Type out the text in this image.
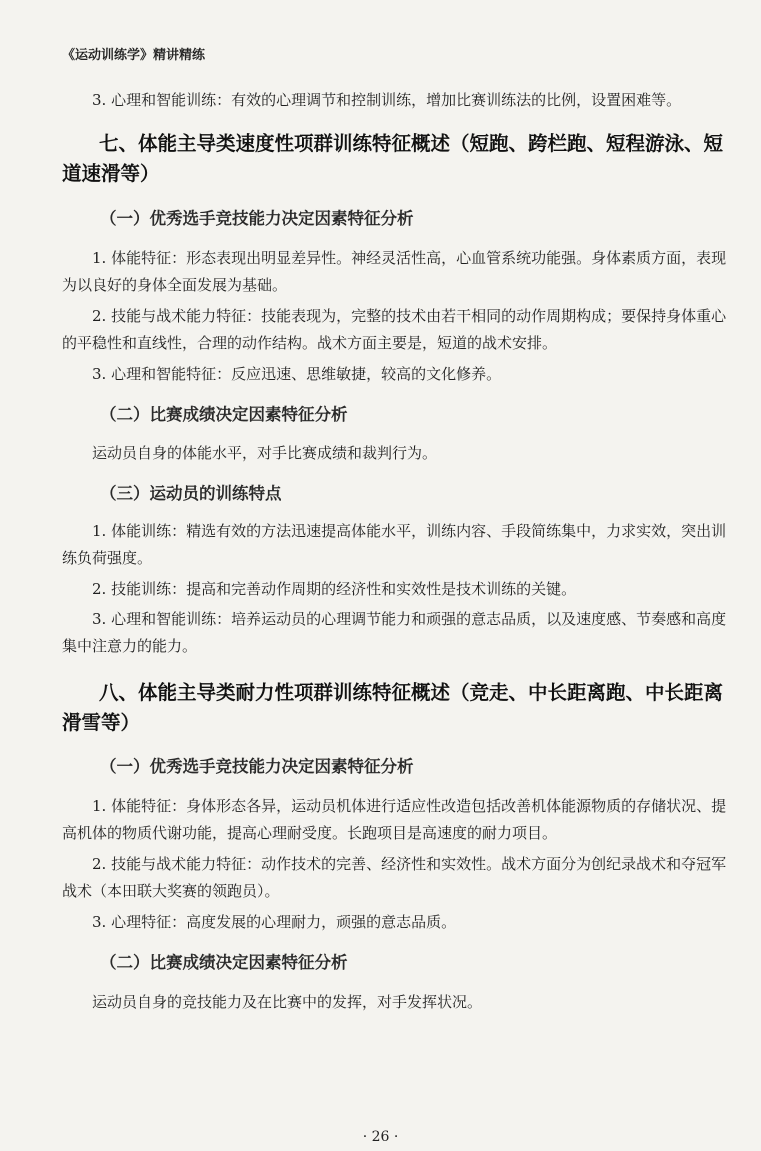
《运动训练学》精讲精练

3. 心理和智能训练：有效的心理调节和控制训练，增加比赛训练法的比例，设置困难等。

七、体能主导类速度性项群训练特征概述（短跑、跨栏跑、短程游泳、短道速滑等）
（一）优秀选手竞技能力决定因素特征分析

1. 体能特征：形态表现出明显差异性。神经灵活性高，心血管系统功能强。身体素质方面，表现为以良好的身体全面发展为基础。

2. 技能与战术能力特征：技能表现为，完整的技术由若干相同的动作周期构成；要保持身体重心的平稳性和直线性，合理的动作结构。战术方面主要是，短道的战术安排。

3. 心理和智能特征：反应迅速、思维敏捷，较高的文化修养。

（二）比赛成绩决定因素特征分析

运动员自身的体能水平，对手比赛成绩和裁判行为。

（三）运动员的训练特点

1. 体能训练：精选有效的方法迅速提高体能水平，训练内容、手段简练集中，力求实效，突出训练负荷强度。

2. 技能训练：提高和完善动作周期的经济性和实效性是技术训练的关键。

3. 心理和智能训练：培养运动员的心理调节能力和顽强的意志品质，以及速度感、节奏感和高度集中注意力的能力。

八、体能主导类耐力性项群训练特征概述（竞走、中长距离跑、中长距离滑雪等）
（一）优秀选手竞技能力决定因素特征分析

1. 体能特征：身体形态各异，运动员机体进行适应性改造包括改善机体能源物质的存储状况、提高机体的物质代谢功能，提高心理耐受度。长跑项目是高速度的耐力项目。

2. 技能与战术能力特征：动作技术的完善、经济性和实效性。战术方面分为创纪录战术和夺冠军战术（本田联大奖赛的领跑员）。

3. 心理特征：高度发展的心理耐力，顽强的意志品质。

（二）比赛成绩决定因素特征分析

运动员自身的竞技能力及在比赛中的发挥，对手发挥状况。

· 26 ·
